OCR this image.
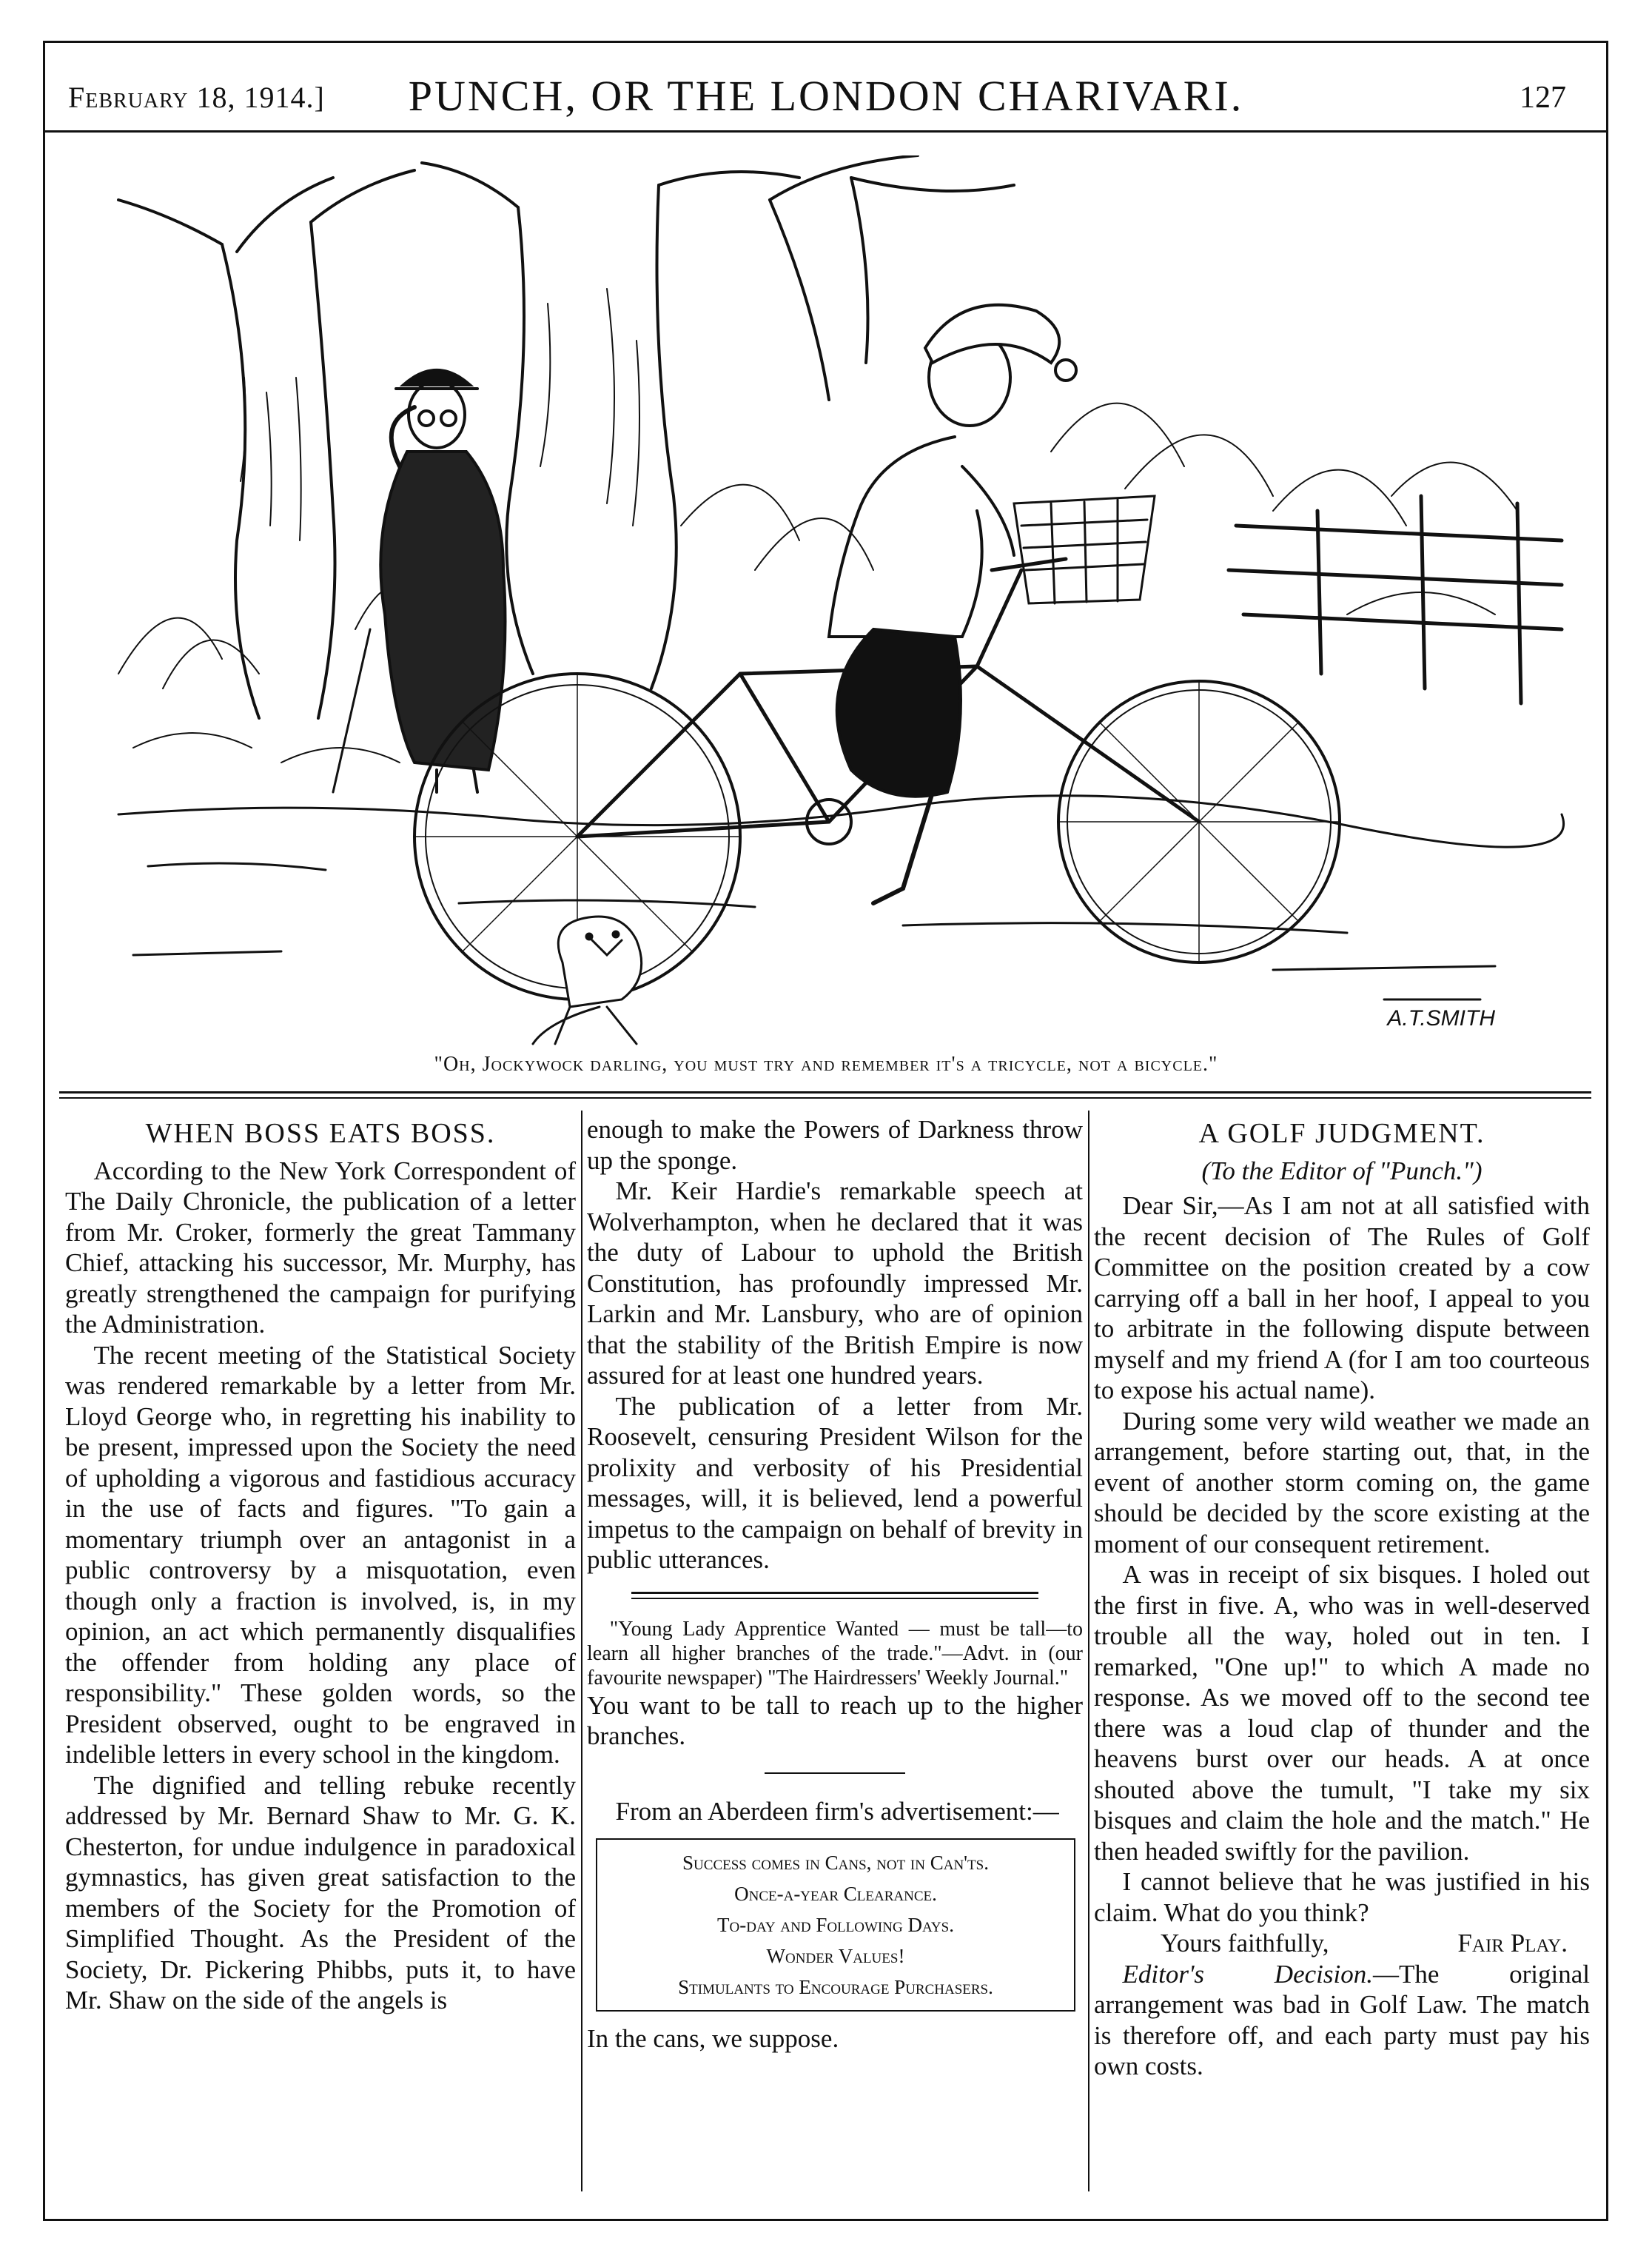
February 18, 1914.]	PUNCH, OR THE LONDON CHARIVARI.	127
A.T.SMITH
"Oh, Jockywock darling, you must try and remember it's a tricycle, not a bicycle."
WHEN BOSS EATS BOSS.

According to the New York Correspondent of The Daily Chronicle, the publication of a letter from Mr. Croker, formerly the great Tammany Chief, attacking his successor, Mr. Murphy, has greatly strengthened the campaign for purifying the Administration.

The recent meeting of the Statistical Society was rendered remarkable by a letter from Mr. Lloyd George who, in regretting his inability to be present, impressed upon the Society the need of upholding a vigorous and fastidious accuracy in the use of facts and figures. "To gain a momentary triumph over an antagonist in a public controversy by a misquotation, even though only a fraction is involved, is, in my opinion, an act which permanently disqualifies the offender from holding any place of responsibility." These golden words, so the President observed, ought to be engraved in indelible letters in every school in the kingdom.

The dignified and telling rebuke recently addressed by Mr. Bernard Shaw to Mr. G. K. Chesterton, for undue indulgence in paradoxical gymnastics, has given great satisfaction to the members of the Society for the Promotion of Simplified Thought. As the President of the Society, Dr. Pickering Phibbs, puts it, to have Mr. Shaw on the side of the angels is

enough to make the Powers of Darkness throw up the sponge.

Mr. Keir Hardie's remarkable speech at Wolverhampton, when he declared that it was the duty of Labour to uphold the British Constitution, has profoundly impressed Mr. Larkin and Mr. Lansbury, who are of opinion that the stability of the British Empire is now assured for at least one hundred years.

The publication of a letter from Mr. Roosevelt, censuring President Wilson for the prolixity and verbosity of his Presidential messages, will, it is believed, lend a powerful impetus to the campaign on behalf of brevity in public utterances.

"Young Lady Apprentice Wanted — must be tall—to learn all higher branches of the trade."—Advt. in (our favourite newspaper) "The Hairdressers' Weekly Journal."

You want to be tall to reach up to the higher branches.

From an Aberdeen firm's advertisement:—

Success comes in Cans, not in Can'ts.
Once-a-year Clearance.
To-day and Following Days.
Wonder Values!
Stimulants to Encourage Purchasers.

In the cans, we suppose.

A GOLF JUDGMENT.
(To the Editor of "Punch.")

Dear Sir,—As I am not at all satisfied with the recent decision of The Rules of Golf Committee on the position created by a cow carrying off a ball in her hoof, I appeal to you to arbitrate in the following dispute between myself and my friend A (for I am too courteous to expose his actual name).

During some very wild weather we made an arrangement, before starting out, that, in the event of another storm coming on, the game should be decided by the score existing at the moment of our consequent retirement.

A was in receipt of six bisques. I holed out the first in five. A, who was in well-deserved trouble all the way, holed out in ten. I remarked, "One up!" to which A made no response. As we moved off to the second tee there was a loud clap of thunder and the heavens burst over our heads. A at once shouted above the tumult, "I take my six bisques and claim the hole and the match." He then headed swiftly for the pavilion.

I cannot believe that he was justified in his claim. What do you think?

Yours faithfully,	Fair Play.

Editor's Decision.—The original arrangement was bad in Golf Law. The match is therefore off, and each party must pay his own costs.
